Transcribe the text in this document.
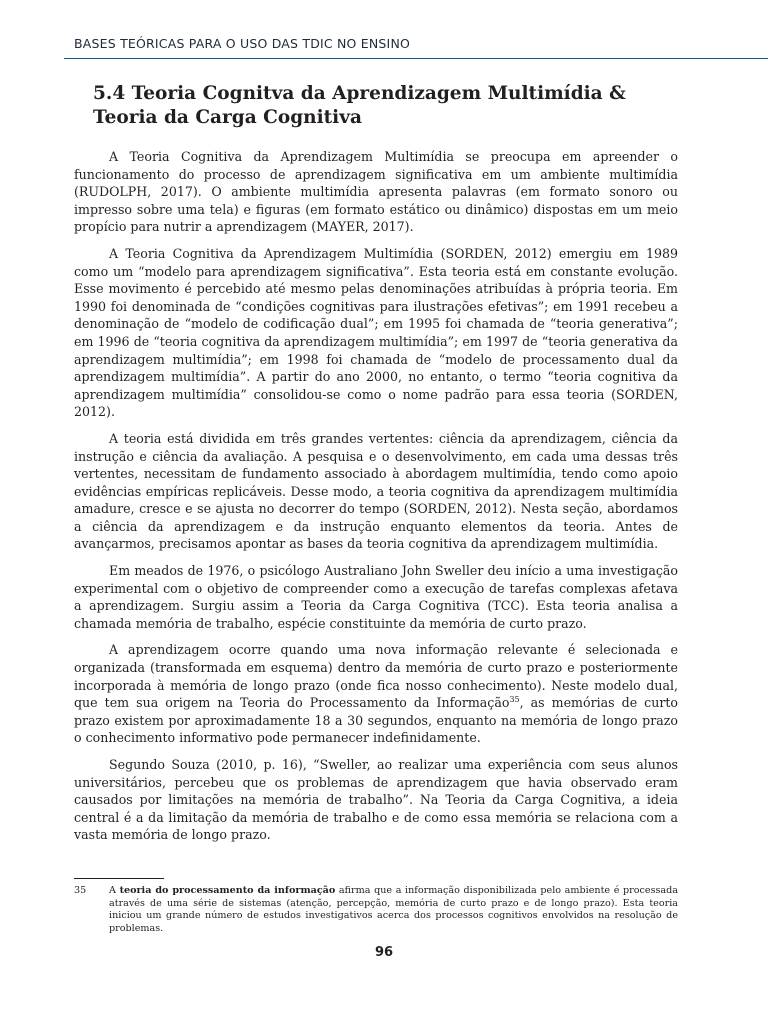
BASES TEÓRICAS PARA O USO DAS TDIC NO ENSINO
5.4 Teoria Cognitva da Aprendizagem Multimídia & Teoria da Carga Cognitiva

A Teoria Cognitiva da Aprendizagem Multimídia se preocupa em apreender o funcionamento do processo de aprendizagem significativa em um ambiente multimídia (RUDOLPH, 2017). O ambiente multimídia apresenta palavras (em formato sonoro ou impresso sobre uma tela) e figuras (em formato estático ou dinâmico) dispostas em um meio propício para nutrir a aprendizagem (MAYER, 2017).

A Teoria Cognitiva da Aprendizagem Multimídia (SORDEN, 2012) emergiu em 1989 como um “modelo para aprendizagem significativa”. Esta teoria está em constante evolução. Esse movimento é percebido até mesmo pelas denominações atribuídas à própria teoria. Em 1990 foi denominada de “condições cognitivas para ilustrações efetivas”; em 1991 recebeu a denominação de “modelo de codificação dual”; em 1995 foi chamada de “teoria generativa”; em 1996 de “teoria cognitiva da aprendizagem multimídia”; em 1997 de “teoria generativa da aprendizagem multimídia”; em 1998 foi chamada de “modelo de processamento dual da aprendizagem multimídia”. A partir do ano 2000, no entanto, o termo “teoria cognitiva da aprendizagem multimídia” consolidou-se como o nome padrão para essa teoria (SORDEN, 2012).

A teoria está dividida em três grandes vertentes: ciência da aprendizagem, ciência da instrução e ciência da avaliação. A pesquisa e o desenvolvimento, em cada uma dessas três vertentes, necessitam de fundamento associado à abordagem multimídia, tendo como apoio evidências empíricas replicáveis. Desse modo, a teoria cognitiva da aprendizagem multimídia amadure, cresce e se ajusta no decorrer do tempo (SORDEN, 2012). Nesta seção, abordamos a ciência da aprendizagem e da instrução enquanto elementos da teoria. Antes de avançarmos, precisamos apontar as bases da teoria cognitiva da aprendizagem multimídia.

Em meados de 1976, o psicólogo Australiano John Sweller deu início a uma investigação experimental com o objetivo de compreender como a execução de tarefas complexas afetava a aprendizagem. Surgiu assim a Teoria da Carga Cognitiva (TCC). Esta teoria analisa a chamada memória de trabalho, espécie constituinte da memória de curto prazo.

A aprendizagem ocorre quando uma nova informação relevante é selecionada e organizada (transformada em esquema) dentro da memória de curto prazo e posteriormente incorporada à memória de longo prazo (onde fica nosso conhecimento). Neste modelo dual, que tem sua origem na Teoria do Processamento da Informação$^{35}$, as memórias de curto prazo existem por aproximadamente 18 a 30 segundos, enquanto na memória de longo prazo o conhecimento informativo pode permanecer indefinidamente.

Segundo Souza (2010, p. 16), “Sweller, ao realizar uma experiência com seus alunos universitários, percebeu que os problemas de aprendizagem que havia observado eram causados por limitações na memória de trabalho”. Na Teoria da Carga Cognitiva, a ideia central é a da limitação da memória de trabalho e de como essa memória se relaciona com a vasta memória de longo prazo.

35 A teoria do processamento da informação afirma que a informação disponibilizada pelo ambiente é processada através de uma série de sistemas (atenção, percepção, memória de curto prazo e de longo prazo). Esta teoria iniciou um grande número de estudos investigativos acerca dos processos cognitivos envolvidos na resolução de problemas.
96
